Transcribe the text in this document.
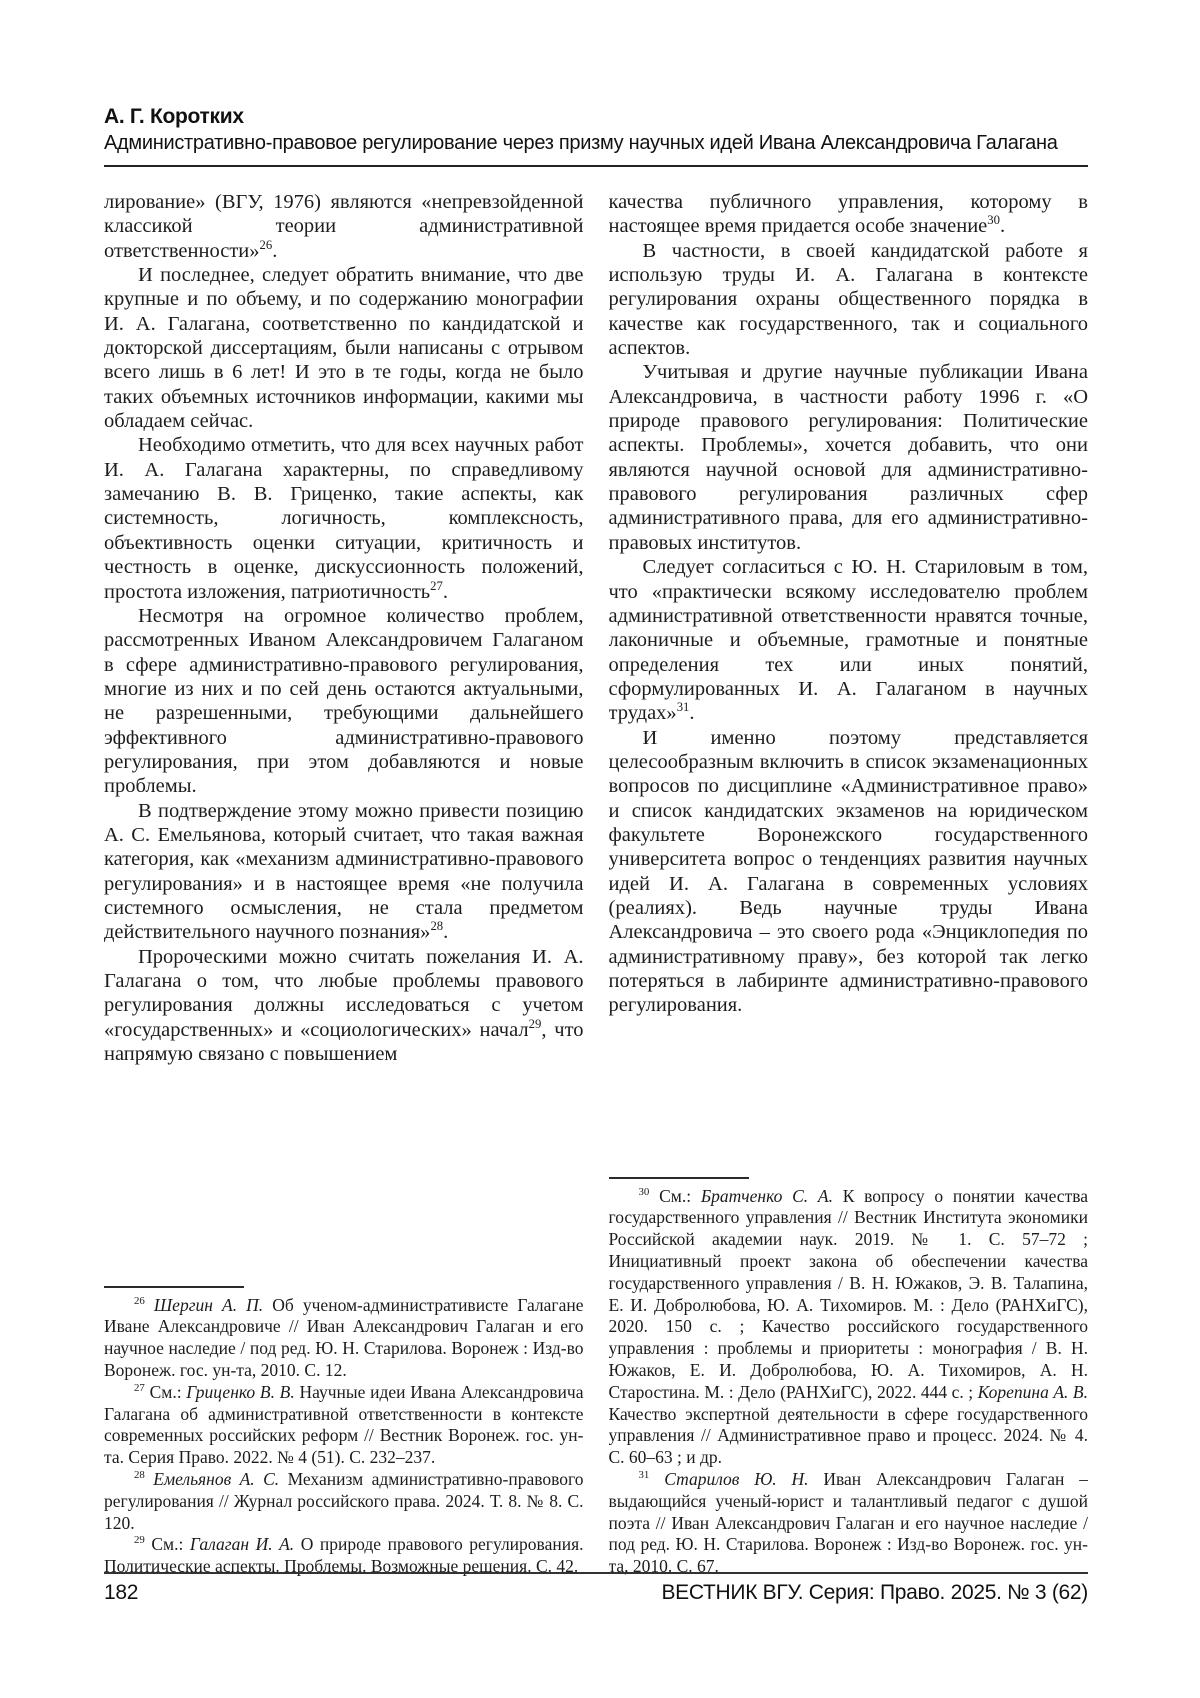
А. Г. Коротких
Административно-правовое регулирование через призму научных идей Ивана Александровича Галагана

лирование» (ВГУ, 1976) являются «непревзойденной классикой теории административной ответственности»$^{26}$.

И последнее, следует обратить внимание, что две крупные и по объему, и по содержанию монографии И. А. Галагана, соответственно по кандидатской и докторской диссертациям, были написаны с отрывом всего лишь в 6 лет! И это в те годы, когда не было таких объемных источников информации, какими мы обладаем сейчас.

Необходимо отметить, что для всех научных работ И. А. Галагана характерны, по справедливому замечанию В. В. Гриценко, такие аспекты, как системность, логичность, комплексность, объективность оценки ситуации, критичность и честность в оценке, дискуссионность положений, простота изложения, патриотичность$^{27}$.

Несмотря на огромное количество проблем, рассмотренных Иваном Александровичем Галаганом в сфере административно-правового регулирования, многие из них и по сей день остаются актуальными, не разрешенными, требующими дальнейшего эффективного административно-правового регулирования, при этом добавляются и новые проблемы.

В подтверждение этому можно привести позицию А. С. Емельянова, который считает, что такая важная категория, как «механизм административно-правового регулирования» и в настоящее время «не получила системного осмысления, не стала предметом действительного научного познания»$^{28}$.

Пророческими можно считать пожелания И. А. Галагана о том, что любые проблемы правового регулирования должны исследоваться с учетом «государственных» и «социологических» начал$^{29}$, что напрямую связано с повышением

$^{26}$ Шергин А. П. Об ученом-административисте Галагане Иване Александровиче // Иван Александрович Галаган и его научное наследие / под ред. Ю. Н. Старилова. Воронеж : Изд-во Воронеж. гос. ун-та, 2010. С. 12.

$^{27}$ См.: Гриценко В. В. Научные идеи Ивана Александровича Галагана об административной ответственности в контексте современных российских реформ // Вестник Воронеж. гос. ун-та. Серия Право. 2022. № 4 (51). С. 232–237.

$^{28}$ Емельянов А. С. Механизм административно-правового регулирования // Журнал российского права. 2024. Т. 8. № 8. С. 120.

$^{29}$ См.: Галаган И. А. О природе правового регулирования. Политические аспекты. Проблемы. Возможные решения. С. 42.

качества публичного управления, которому в настоящее время придается особе значение$^{30}$.

В частности, в своей кандидатской работе я использую труды И. А. Галагана в контексте регулирования охраны общественного порядка в качестве как государственного, так и социального аспектов.

Учитывая и другие научные публикации Ивана Александровича, в частности работу 1996 г. «О природе правового регулирования: Политические аспекты. Проблемы», хочется добавить, что они являются научной основой для административно-правового регулирования различных сфер административного права, для его административно-правовых институтов.

Следует согласиться с Ю. Н. Стариловым в том, что «практически всякому исследователю проблем административной ответственности нравятся точные, лаконичные и объемные, грамотные и понятные определения тех или иных понятий, сформулированных И. А. Галаганом в научных трудах»$^{31}$.

И именно поэтому представляется целесообразным включить в список экзаменационных вопросов по дисциплине «Административное право» и список кандидатских экзаменов на юридическом факультете Воронежского государственного университета вопрос о тенденциях развития научных идей И. А. Галагана в современных условиях (реалиях). Ведь научные труды Ивана Александровича – это своего рода «Энциклопедия по административному праву», без которой так легко потеряться в лабиринте административно-правового регулирования.

$^{30}$ См.: Братченко С. А. К вопросу о понятии качества государственного управления // Вестник Института экономики Российской академии наук. 2019. № 1. С. 57–72 ; Инициативный проект закона об обеспечении качества государственного управления / В. Н. Южаков, Э. В. Талапина, Е. И. Добролюбова, Ю. А. Тихомиров. М. : Дело (РАНХиГС), 2020. 150 с. ; Качество российского государственного управления : проблемы и приоритеты : монография / В. Н. Южаков, Е. И. Добролюбова, Ю. А. Тихомиров, А. Н. Старостина. М. : Дело (РАНХиГС), 2022. 444 с. ; Корепина А. В. Качество экспертной деятельности в сфере государственного управления // Административное право и процесс. 2024. № 4. С. 60–63 ; и др.

$^{31}$ Старилов Ю. Н. Иван Александрович Галаган – выдающийся ученый-юрист и талантливый педагог с душой поэта // Иван Александрович Галаган и его научное наследие / под ред. Ю. Н. Старилова. Воронеж : Изд-во Воронеж. гос. ун-та, 2010. С. 67.

182	ВЕСТНИК ВГУ. Серия: Право. 2025. № 3 (62)
